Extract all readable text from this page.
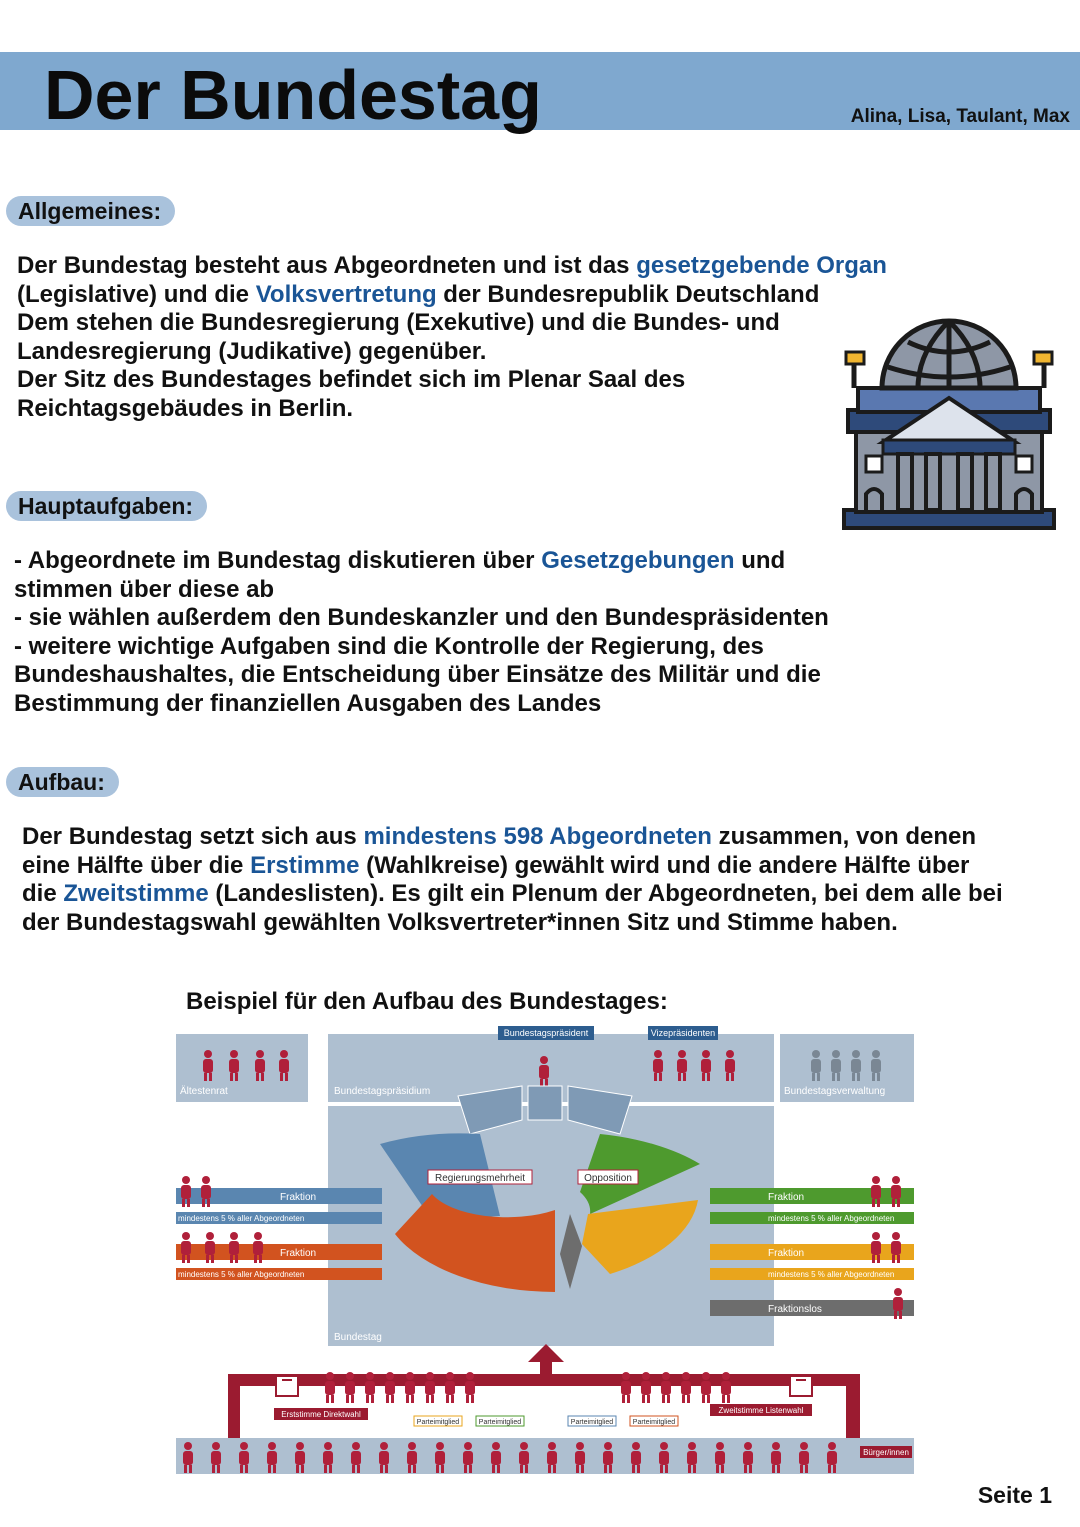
Der Bundestag	Alina, Lisa, Taulant, Max
Allgemeines:

Der Bundestag besteht aus Abgeordneten und ist das gesetzgebende Organ

(Legislative) und die Volksvertretung der Bundesrepublik Deutschland

Dem stehen die Bundesregierung (Exekutive) und die Bundes- und

Landesregierung (Judikative) gegenüber.

Der Sitz des Bundestages befindet sich im Plenar Saal des

Reichtagsgebäudes in Berlin.

Hauptaufgaben:

- Abgeordnete im Bundestag diskutieren über Gesetzgebungen und

stimmen über diese ab

- sie wählen außerdem den Bundeskanzler und den Bundespräsidenten

- weitere wichtige Aufgaben sind die Kontrolle der Regierung, des

Bundeshaushaltes, die Entscheidung über Einsätze des Militär und die

Bestimmung der finanziellen Ausgaben des Landes

Aufbau:

Der Bundestag setzt sich aus mindestens 598 Abgeordneten zusammen, von denen

eine Hälfte über die Erstimme (Wahlkreise) gewählt wird und die andere Hälfte über

die Zweitstimme (Landeslisten). Es gilt ein Plenum der Abgeordneten, bei dem alle bei

der Bundestagswahl gewählten Volksvertreter*innen Sitz und Stimme haben.

Beispiel für den Aufbau des Bundestages:
Bundestagspräsident	Vizepräsidenten
Ältestenrat	Bundestagspräsidium	Bundestagsverwaltung
Bundestag
Regierungsmehrheit	Opposition
Fraktion
mindestens 5 % aller Abgeordneten
Fraktion
mindestens 5 % aller Abgeordneten
Fraktion
mindestens 5 % aller Abgeordneten
Fraktion
mindestens 5 % aller Abgeordneten
Fraktionslos
Erststimme Direktwahl	Zweitstimme Listenwahl
Parteimitglied	Parteimitglied	Parteimitglied	Parteimitglied
Bürger/innen
Seite 1
